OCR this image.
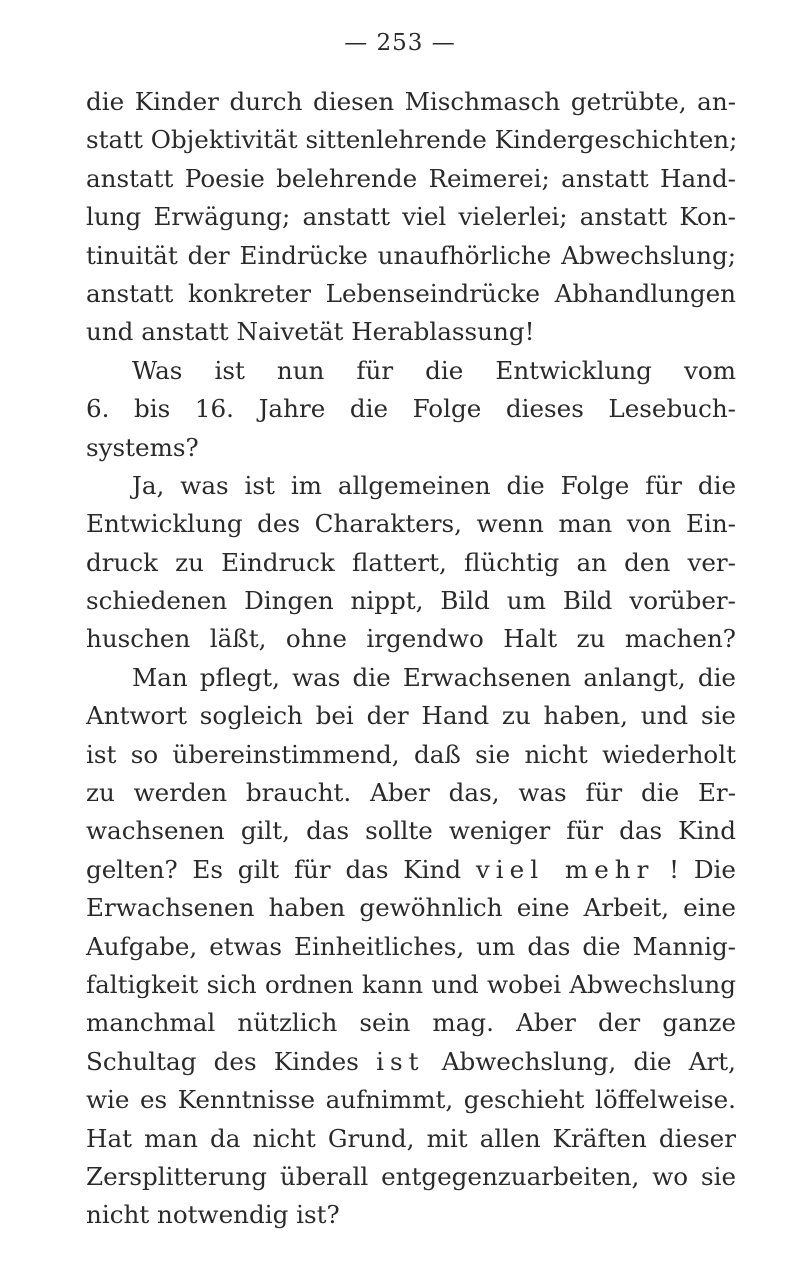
— 253 —
die Kinder durch diesen Mischmasch getrübte, an-
statt Objektivität sittenlehrende Kindergeschichten;
anstatt Poesie belehrende Reimerei; anstatt Hand-
lung Erwägung; anstatt viel vielerlei; anstatt Kon-
tinuität der Eindrücke unaufhörliche Abwechslung;
anstatt konkreter Lebenseindrücke Abhandlungen
und anstatt Naivetät Herablassung!
Was ist nun für die Entwicklung vom
6. bis 16. Jahre die Folge dieses Lesebuch-
systems?
Ja, was ist im allgemeinen die Folge für die
Entwicklung des Charakters, wenn man von Ein-
druck zu Eindruck flattert, flüchtig an den ver-
schiedenen Dingen nippt, Bild um Bild vorüber-
huschen läßt, ohne irgendwo Halt zu machen?
Man pflegt, was die Erwachsenen anlangt, die
Antwort sogleich bei der Hand zu haben, und sie
ist so übereinstimmend, daß sie nicht wiederholt
zu werden braucht. Aber das, was für die Er-
wachsenen gilt, das sollte weniger für das Kind
gelten? Es gilt für das Kind viel mehr ! Die
Erwachsenen haben gewöhnlich eine Arbeit, eine
Aufgabe, etwas Einheitliches, um das die Mannig-
faltigkeit sich ordnen kann und wobei Abwechslung
manchmal nützlich sein mag. Aber der ganze
Schultag des Kindes ist Abwechslung, die Art,
wie es Kenntnisse aufnimmt, geschieht löffelweise.
Hat man da nicht Grund, mit allen Kräften dieser
Zersplitterung überall entgegenzuarbeiten, wo sie
nicht notwendig ist?
